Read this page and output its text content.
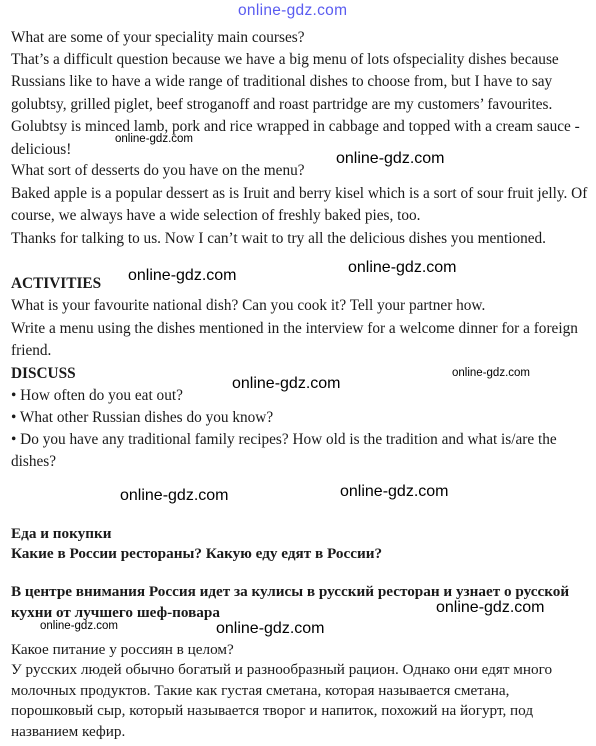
online-gdz.com

What are some of your speciality main courses?

That’s a difficult question because we have a big menu of lots ofspeciality dishes because Russians like to have a wide range of traditional dishes to choose from, but I have to say golubtsy, grilled piglet, beef stroganoff and roast partridge are my customers’ favourites. Golubtsy is minced lamb, pork and rice wrapped in cabbage and topped with a cream sauce - delicious!

What sort of desserts do you have on the menu?

Baked apple is a popular dessert as is Iruit and berry kisel which is a sort of sour fruit jelly. Of course, we always have a wide selection of freshly baked pies, too.

Thanks for talking to us. Now I can’t wait to try all the delicious dishes you mentioned.

ACTIVITIES

What is your favourite national dish? Can you cook it? Tell your partner how.

Write a menu using the dishes mentioned in the interview for a welcome dinner for a foreign friend.

DISCUSS

• How often do you eat out?

• What other Russian dishes do you know?

• Do you have any traditional family recipes? How old is the tradition and what is/are the dishes?

Еда и покупки

Какие в России рестораны? Какую еду едят в России?

В центре внимания Россия идет за кулисы в русский ресторан и узнает о русской кухни от лучшего шеф-повара

Какое питание у россиян в целом?

У русских людей обычно богатый и разнообразный рацион. Однако они едят много молочных продуктов. Такие как густая сметана, которая называется сметана, порошковый сыр, который называется творог и напиток, похожий на йогурт, под названием кефир.

online-gdz.com
online-gdz.com
online-gdz.com	online-gdz.com
online-gdz.com
online-gdz.com
online-gdz.com	online-gdz.com
online-gdz.com
online-gdz.com	online-gdz.com
